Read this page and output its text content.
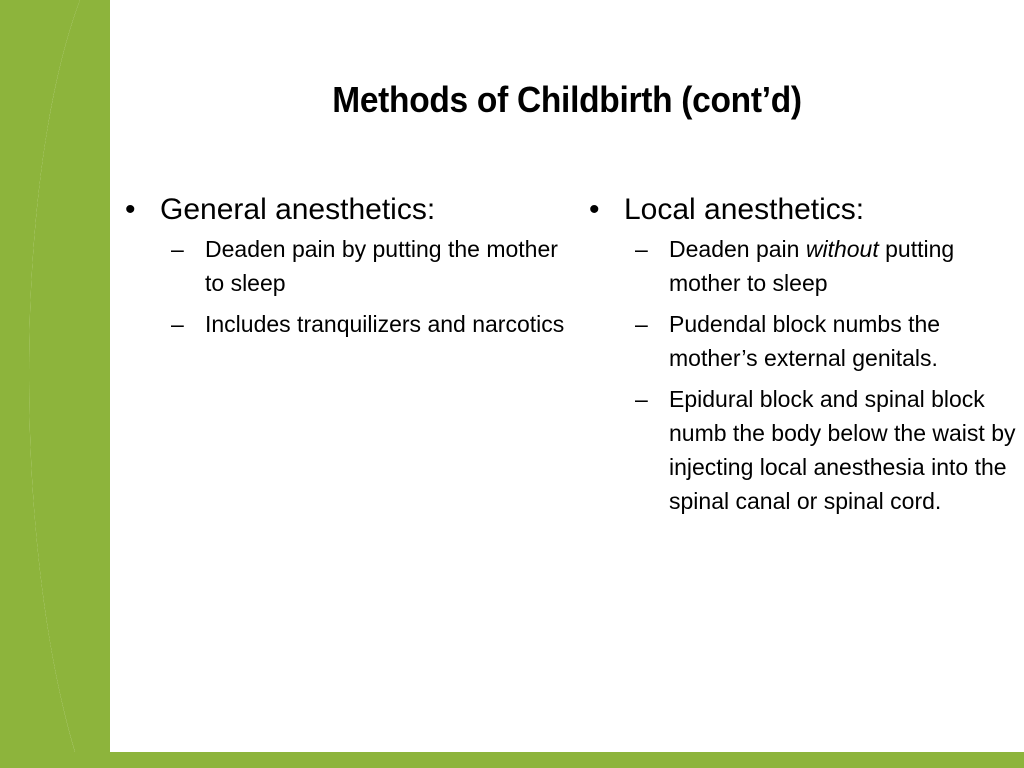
Methods of Childbirth (cont’d)
• General anesthetics:
– Deaden pain by putting the mother to sleep
– Includes tranquilizers and narcotics
• Local anesthetics:
– Deaden pain without putting mother to sleep
– Pudendal block numbs the mother’s external genitals.
– Epidural block and spinal block numb the body below the waist by injecting local anesthesia into the spinal canal or spinal cord.
